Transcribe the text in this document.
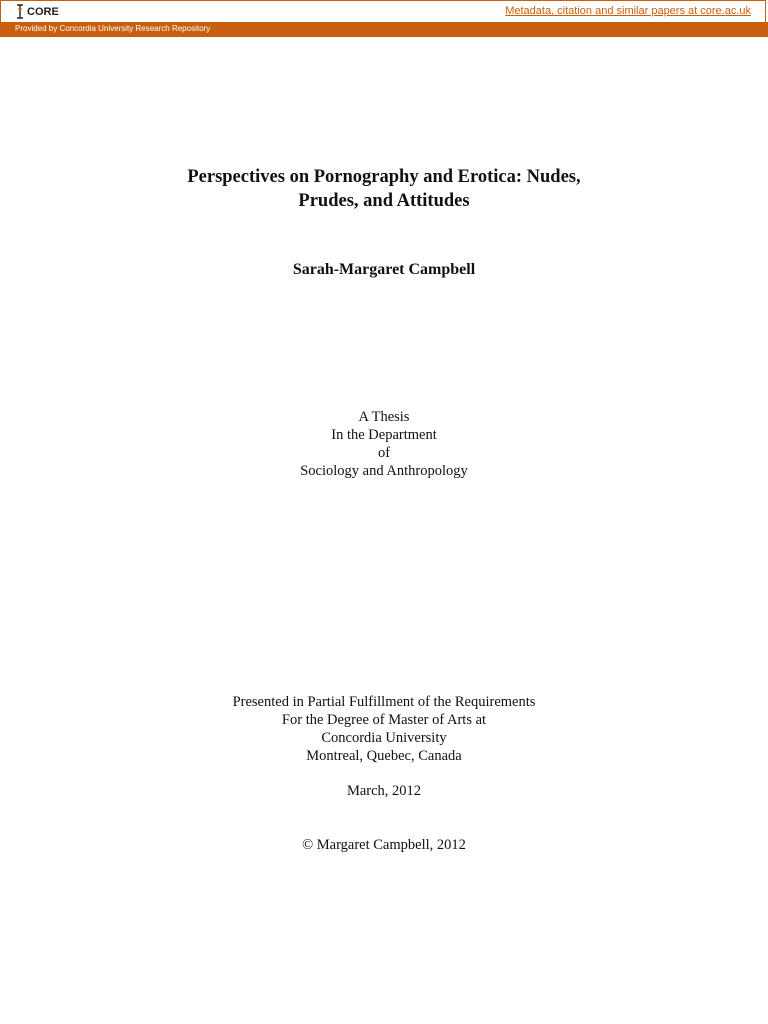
CORE	Metadata, citation and similar papers at core.ac.uk
Provided by Concordia University Research Repository
Perspectives on Pornography and Erotica: Nudes,
Prudes, and Attitudes
Sarah-Margaret Campbell
A Thesis
In the Department
of
Sociology and Anthropology
Presented in Partial Fulfillment of the Requirements
For the Degree of Master of Arts at
Concordia University
Montreal, Quebec, Canada
March, 2012
© Margaret Campbell, 2012
